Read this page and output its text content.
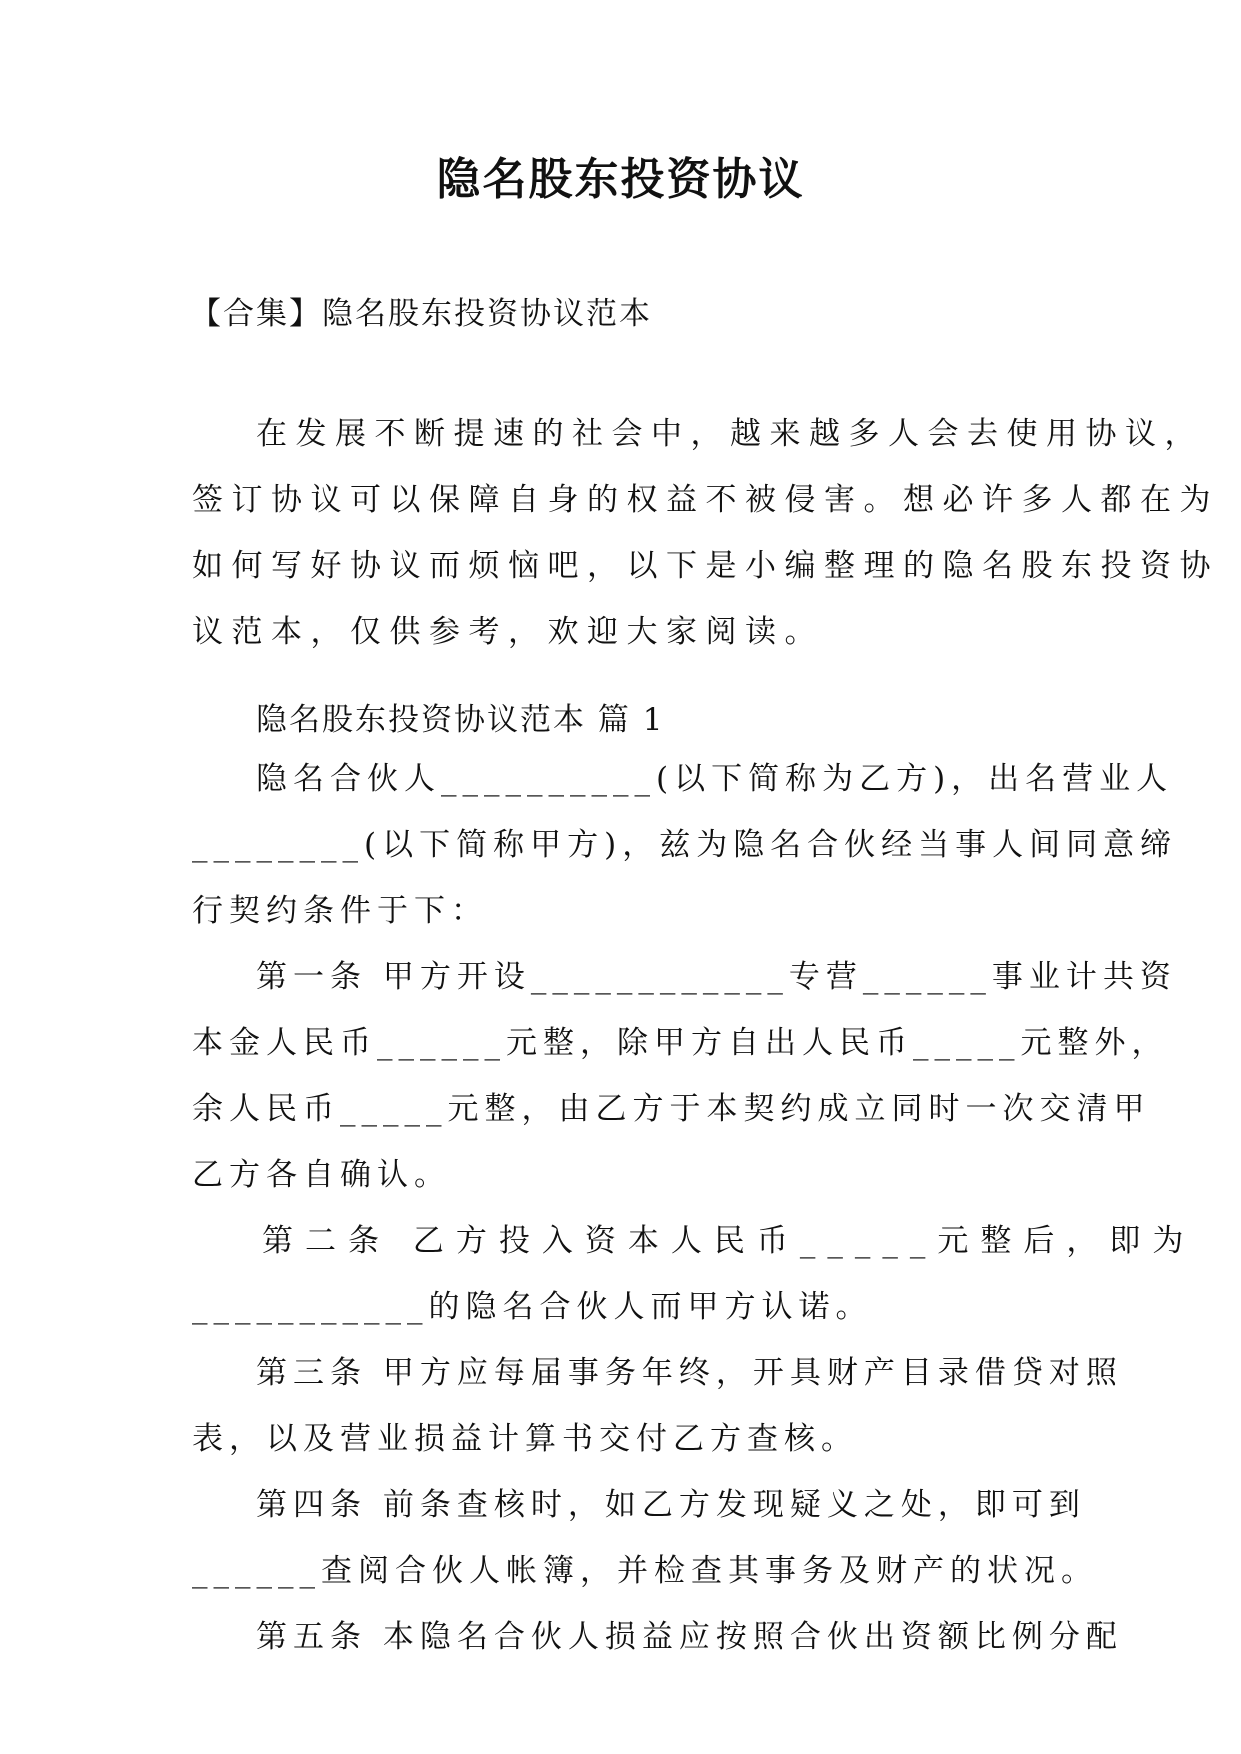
隐名股东投资协议
【合集】隐名股东投资协议范本
在发展不断提速的社会中，越来越多人会去使用协议，
签订协议可以保障自身的权益不被侵害。想必许多人都在为
如何写好协议而烦恼吧，以下是小编整理的隐名股东投资协
议范本，仅供参考，欢迎大家阅读。
隐名股东投资协议范本 篇 1
隐名合伙人__________(以下简称为乙方)，出名营业人
________(以下简称甲方)，兹为隐名合伙经当事人间同意缔
行契约条件于下：
第一条 甲方开设____________专营______事业计共资
本金人民币______元整，除甲方自出人民币_____元整外，
余人民币_____元整，由乙方于本契约成立同时一次交清甲
乙方各自确认。
第二条 乙方投入资本人民币_____元整后，即为
___________的隐名合伙人而甲方认诺。
第三条 甲方应每届事务年终，开具财产目录借贷对照
表，以及营业损益计算书交付乙方查核。
第四条 前条查核时，如乙方发现疑义之处，即可到
______查阅合伙人帐簿，并检查其事务及财产的状况。
第五条 本隐名合伙人损益应按照合伙出资额比例分配
